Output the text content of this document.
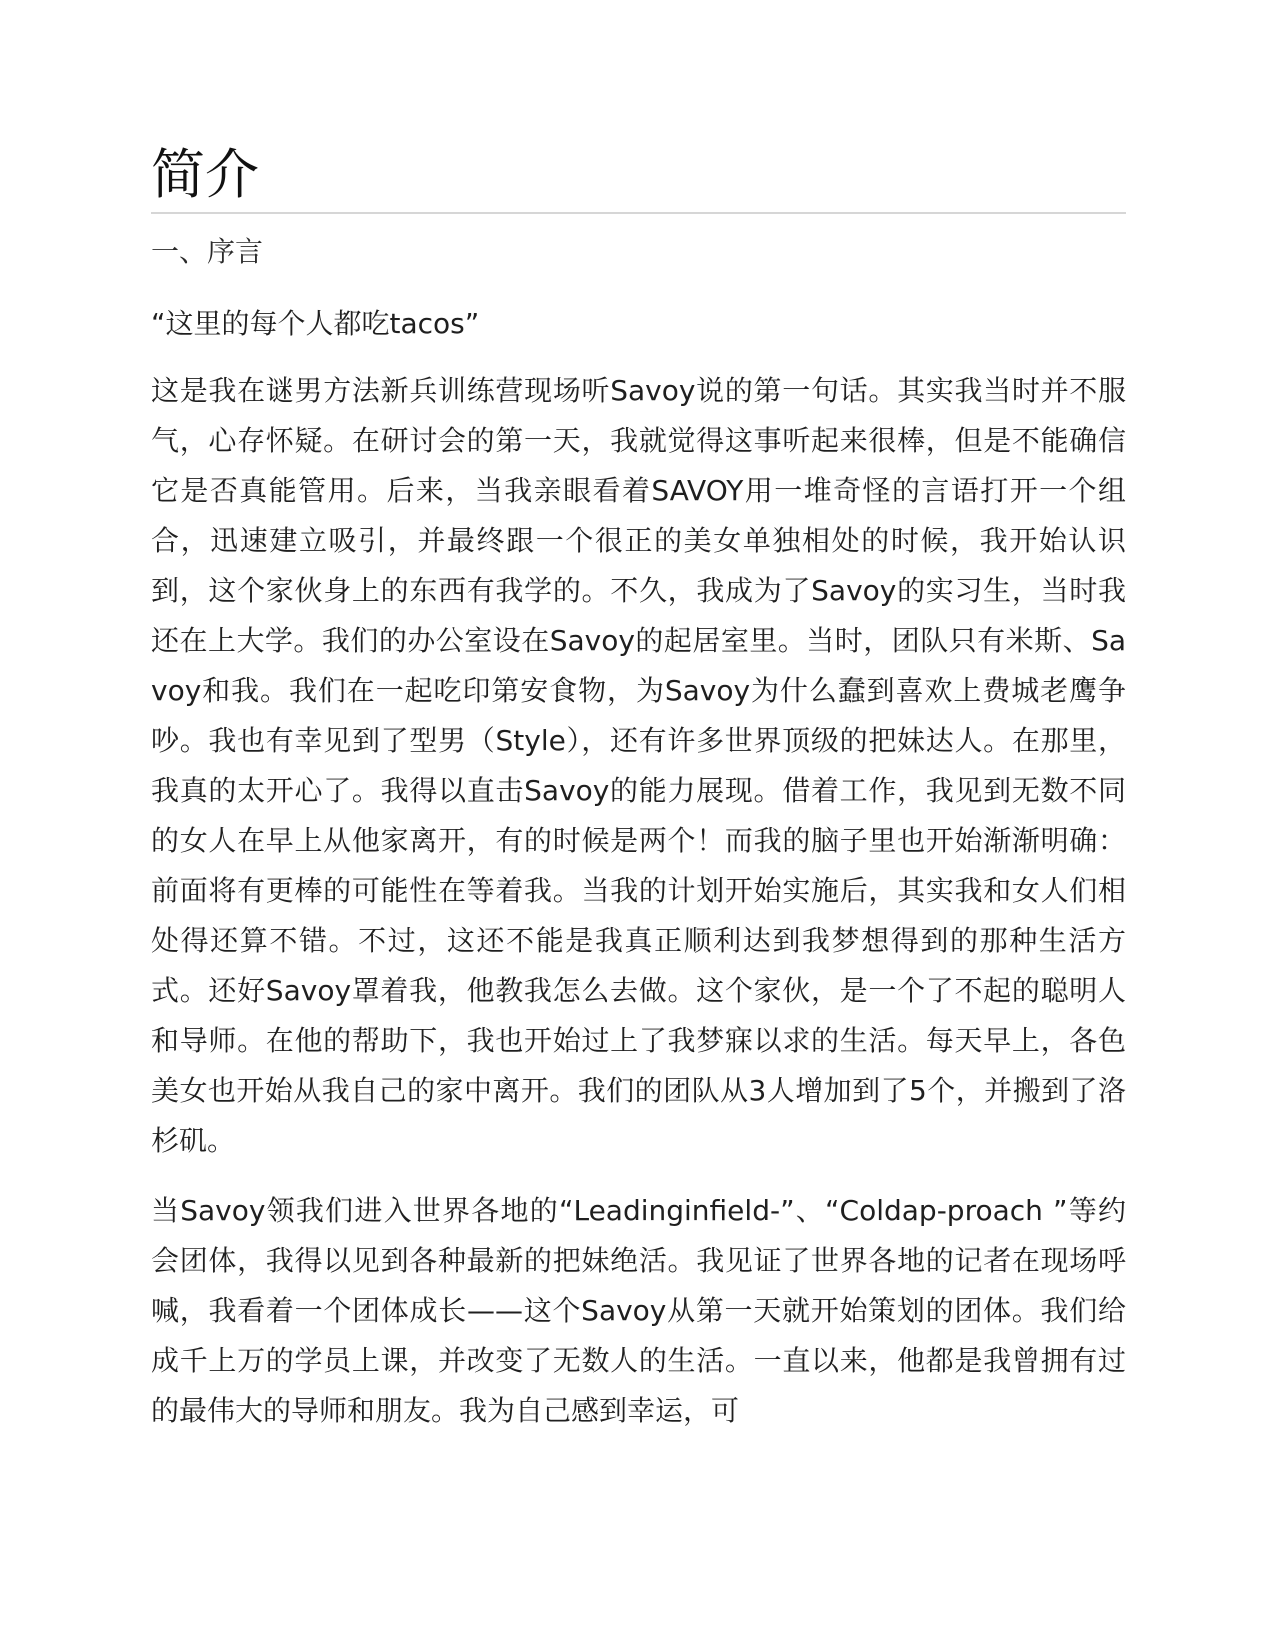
简介
一、序言
“这里的每个人都吃tacos”

这是我在谜男方法新兵训练营现场听Savoy说的第一句话。其实我当时并不服气，心存怀疑。在研讨会的第一天，我就觉得这事听起来很棒，但是不能确信它是否真能管用。后来，当我亲眼看着SAVOY用一堆奇怪的言语打开一个组合，迅速建立吸引，并最终跟一个很正的美女单独相处的时候，我开始认识到，这个家伙身上的东西有我学的。不久，我成为了Savoy的实习生，当时我还在上大学。我们的办公室设在Savoy的起居室里。当时，团队只有米斯、Savoy和我。我们在一起吃印第安食物，为Savoy为什么蠢到喜欢上费城老鹰争吵。我也有幸见到了型男（Style），还有许多世界顶级的把妹达人。在那里，我真的太开心了。我得以直击Savoy的能力展现。借着工作，我见到无数不同的女人在早上从他家离开，有的时候是两个！而我的脑子里也开始渐渐明确：前面将有更棒的可能性在等着我。当我的计划开始实施后，其实我和女人们相处得还算不错。不过，这还不能是我真正顺利达到我梦想得到的那种生活方式。还好Savoy罩着我，他教我怎么去做。这个家伙，是一个了不起的聪明人和导师。在他的帮助下，我也开始过上了我梦寐以求的生活。每天早上，各色美女也开始从我自己的家中离开。我们的团队从3人增加到了5个，并搬到了洛杉矶。

当Savoy领我们进入世界各地的“Leadinginfield-”、“Coldap-proach ”等约会团体，我得以见到各种最新的把妹绝活。我见证了世界各地的记者在现场呼喊，我看着一个团体成长——这个Savoy从第一天就开始策划的团体。我们给成千上万的学员上课，并改变了无数人的生活。一直以来，他都是我曾拥有过的最伟大的导师和朋友。我为自己感到幸运，可
